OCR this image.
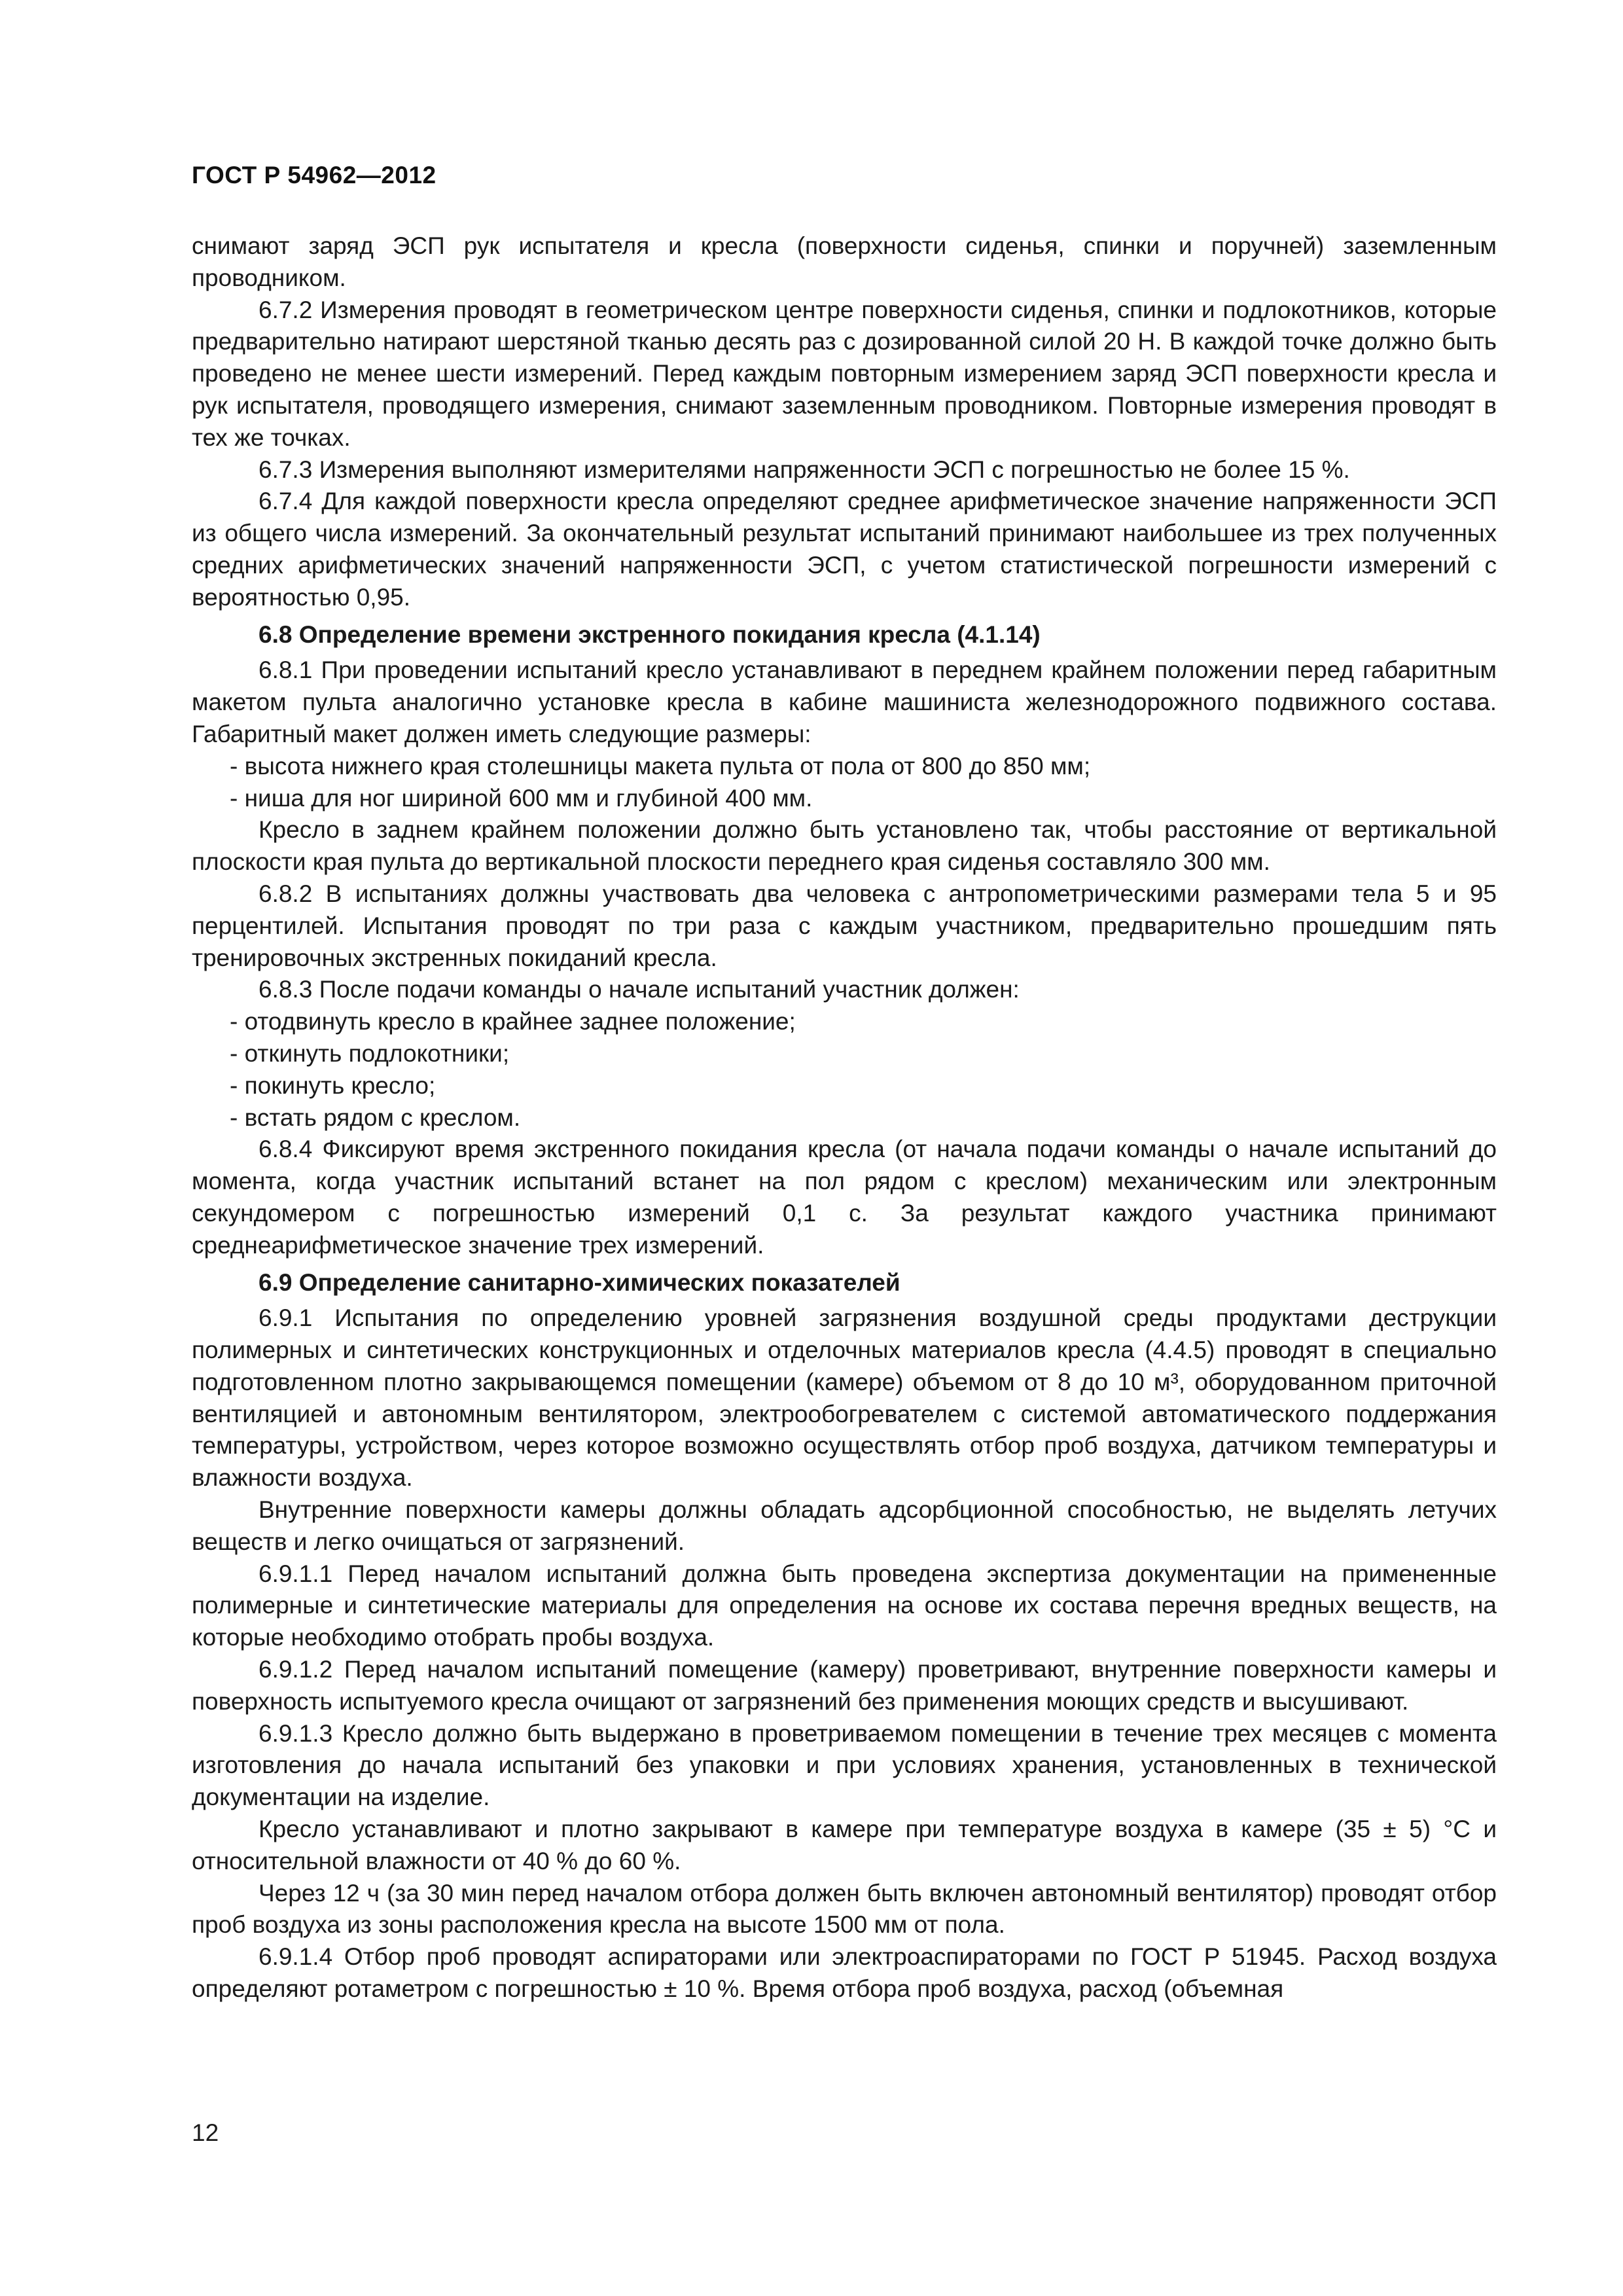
ГОСТ Р 54962—2012

снимают заряд ЭСП рук испытателя и кресла (поверхности сиденья, спинки и поручней) заземленным проводником.

6.7.2 Измерения проводят в геометрическом центре поверхности сиденья, спинки и подлокотников, которые предварительно натирают шерстяной тканью десять раз с дозированной силой 20 Н. В каждой точке должно быть проведено не менее шести измерений. Перед каждым повторным измерением заряд ЭСП поверхности кресла и рук испытателя, проводящего измерения, снимают заземленным проводником. Повторные измерения проводят в тех же точках.

6.7.3 Измерения выполняют измерителями напряженности ЭСП с погрешностью не более 15 %.

6.7.4 Для каждой поверхности кресла определяют среднее арифметическое значение напряженности ЭСП из общего числа измерений. За окончательный результат испытаний принимают наибольшее из трех полученных средних арифметических значений напряженности ЭСП, с учетом статистической погрешности измерений с вероятностью 0,95.

6.8 Определение времени экстренного покидания кресла (4.1.14)

6.8.1 При проведении испытаний кресло устанавливают в переднем крайнем положении перед габаритным макетом пульта аналогично установке кресла в кабине машиниста железнодорожного подвижного состава. Габаритный макет должен иметь следующие размеры:

- высота нижнего края столешницы макета пульта от пола от 800 до 850 мм;

- ниша для ног шириной 600 мм и глубиной 400 мм.

Кресло в заднем крайнем положении должно быть установлено так, чтобы расстояние от вертикальной плоскости края пульта до вертикальной плоскости переднего края сиденья составляло 300 мм.

6.8.2 В испытаниях должны участвовать два человека с антропометрическими размерами тела 5 и 95 перцентилей. Испытания проводят по три раза с каждым участником, предварительно прошедшим пять тренировочных экстренных покиданий кресла.

6.8.3 После подачи команды о начале испытаний участник должен:

- отодвинуть кресло в крайнее заднее положение;

- откинуть подлокотники;

- покинуть кресло;

- встать рядом с креслом.

6.8.4 Фиксируют время экстренного покидания кресла (от начала подачи команды о начале испытаний до момента, когда участник испытаний встанет на пол рядом с креслом) механическим или электронным секундомером с погрешностью измерений 0,1 с. За результат каждого участника принимают среднеарифметическое значение трех измерений.

6.9 Определение санитарно-химических показателей

6.9.1 Испытания по определению уровней загрязнения воздушной среды продуктами деструкции полимерных и синтетических конструкционных и отделочных материалов кресла (4.4.5) проводят в специально подготовленном плотно закрывающемся помещении (камере) объемом от 8 до 10 м³, оборудованном приточной вентиляцией и автономным вентилятором, электрообогревателем с системой автоматического поддержания температуры, устройством, через которое возможно осуществлять отбор проб воздуха, датчиком температуры и влажности воздуха.

Внутренние поверхности камеры должны обладать адсорбционной способностью, не выделять летучих веществ и легко очищаться от загрязнений.

6.9.1.1 Перед началом испытаний должна быть проведена экспертиза документации на примененные полимерные и синтетические материалы для определения на основе их состава перечня вредных веществ, на которые необходимо отобрать пробы воздуха.

6.9.1.2 Перед началом испытаний помещение (камеру) проветривают, внутренние поверхности камеры и поверхность испытуемого кресла очищают от загрязнений без применения моющих средств и высушивают.

6.9.1.3 Кресло должно быть выдержано в проветриваемом помещении в течение трех месяцев с момента изготовления до начала испытаний без упаковки и при условиях хранения, установленных в технической документации на изделие.

Кресло устанавливают и плотно закрывают в камере при температуре воздуха в камере (35 ± 5) °С и относительной влажности от 40 % до 60 %.

Через 12 ч (за 30 мин перед началом отбора должен быть включен автономный вентилятор) проводят отбор проб воздуха из зоны расположения кресла на высоте 1500 мм от пола.

6.9.1.4 Отбор проб проводят аспираторами или электроаспираторами по ГОСТ Р 51945. Расход воздуха определяют ротаметром с погрешностью ± 10 %. Время отбора проб воздуха, расход (объемная

12
